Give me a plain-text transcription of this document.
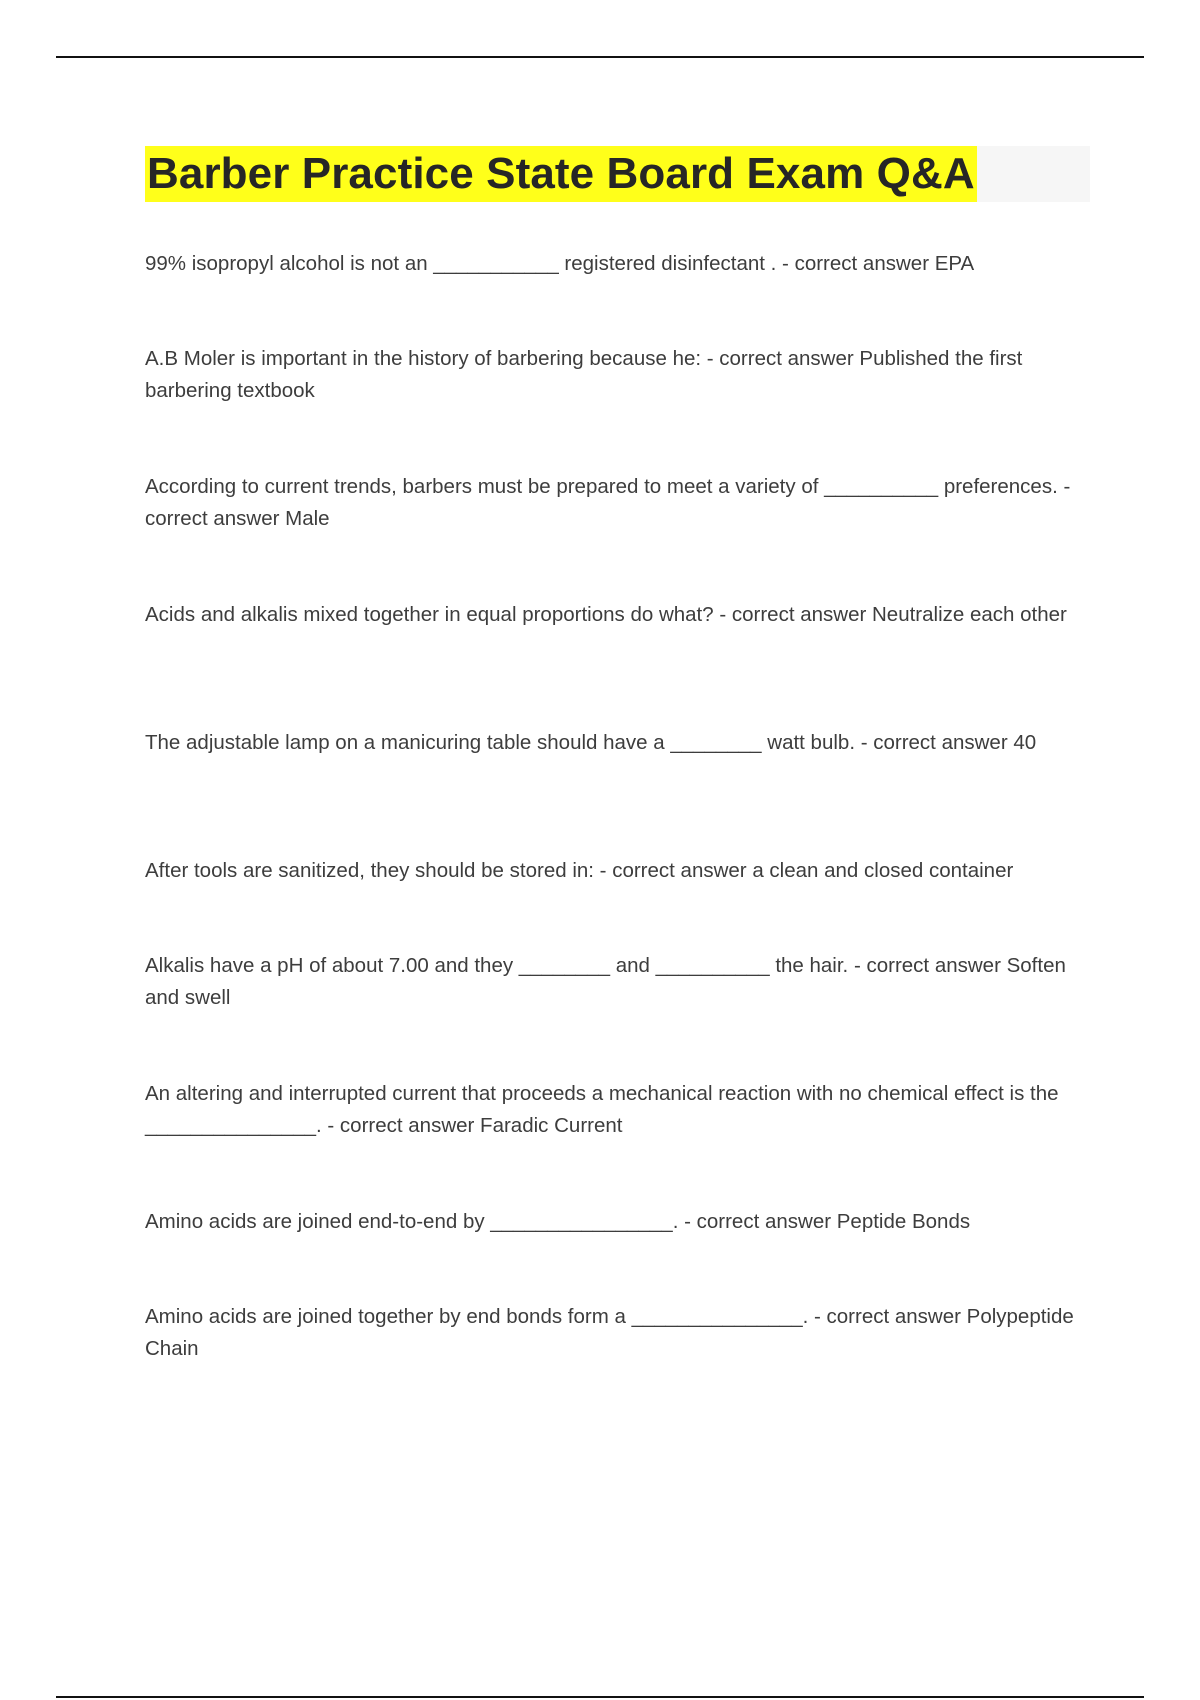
Barber Practice State Board Exam Q&A
99% isopropyl alcohol is not an ___________ registered disinfectant . - correct answer EPA
A.B Moler is important in the history of barbering because he: - correct answer Published the first barbering textbook
According to current trends, barbers must be prepared to meet a variety of __________ preferences. - correct answer Male
Acids and alkalis mixed together in equal proportions do what? - correct answer Neutralize each other
The adjustable lamp on a manicuring table should have a ________ watt bulb. - correct answer 40
After tools are sanitized, they should be stored in: - correct answer a clean and closed container
Alkalis have a pH of about 7.00 and they ________ and __________ the hair. - correct answer Soften and swell
An altering and interrupted current that proceeds a mechanical reaction with no chemical effect is the _______________. - correct answer Faradic Current
Amino acids are joined end-to-end by ________________. - correct answer Peptide Bonds
Amino acids are joined together by end bonds form a _______________. - correct answer Polypeptide Chain
